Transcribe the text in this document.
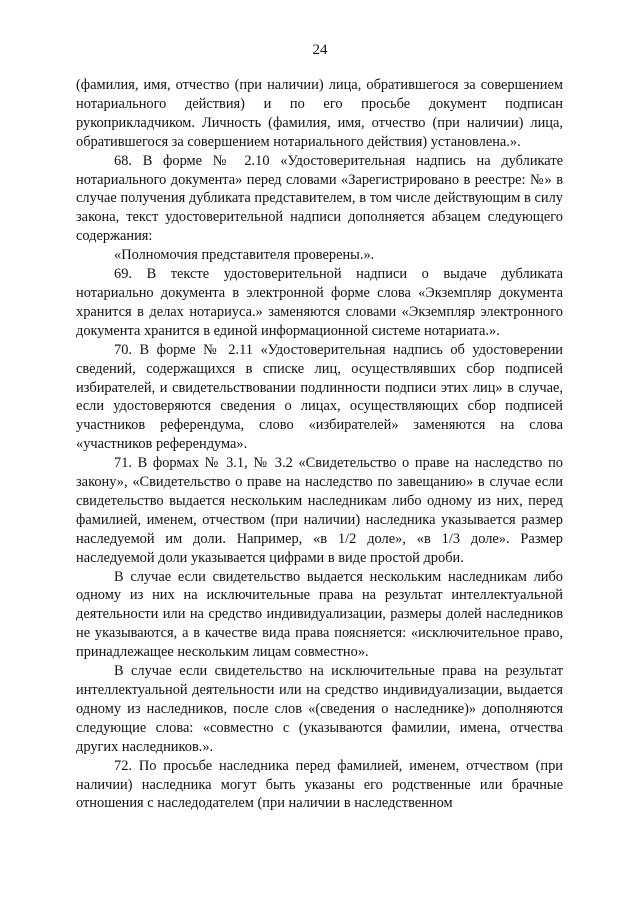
24

(фамилия, имя, отчество (при наличии) лица, обратившегося за совершением нотариального действия) и по его просьбе документ подписан рукоприкладчиком. Личность (фамилия, имя, отчество (при наличии) лица, обратившегося за совершением нотариального действия) установлена.».

68. В форме № 2.10 «Удостоверительная надпись на дубликате нотариального документа» перед словами «Зарегистрировано в реестре: №» в случае получения дубликата представителем, в том числе действующим в силу закона, текст удостоверительной надписи дополняется абзацем следующего содержания:

«Полномочия представителя проверены.».

69. В тексте удостоверительной надписи о выдаче дубликата нотариально документа в электронной форме слова «Экземпляр документа хранится в делах нотариуса.» заменяются словами «Экземпляр электронного документа хранится в единой информационной системе нотариата.».

70. В форме № 2.11 «Удостоверительная надпись об удостоверении сведений, содержащихся в списке лиц, осуществлявших сбор подписей избирателей, и свидетельствовании подлинности подписи этих лиц» в случае, если удостоверяются сведения о лицах, осуществляющих сбор подписей участников референдума, слово «избирателей» заменяются на слова «участников референдума».

71. В формах № 3.1, № 3.2 «Свидетельство о праве на наследство по закону», «Свидетельство о праве на наследство по завещанию» в случае если свидетельство выдается нескольким наследникам либо одному из них, перед фамилией, именем, отчеством (при наличии) наследника указывается размер наследуемой им доли. Например, «в 1/2 доле», «в 1/3 доле». Размер наследуемой доли указывается цифрами в виде простой дроби.

В случае если свидетельство выдается нескольким наследникам либо одному из них на исключительные права на результат интеллектуальной деятельности или на средство индивидуализации, размеры долей наследников не указываются, а в качестве вида права поясняется: «исключительное право, принадлежащее нескольким лицам совместно».

В случае если свидетельство на исключительные права на результат интеллектуальной деятельности или на средство индивидуализации, выдается одному из наследников, после слов «(сведения о наследнике)» дополняются следующие слова: «совместно с (указываются фамилии, имена, отчества других наследников.».

72. По просьбе наследника перед фамилией, именем, отчеством (при наличии) наследника могут быть указаны его родственные или брачные отношения с наследодателем (при наличии в наследственном
